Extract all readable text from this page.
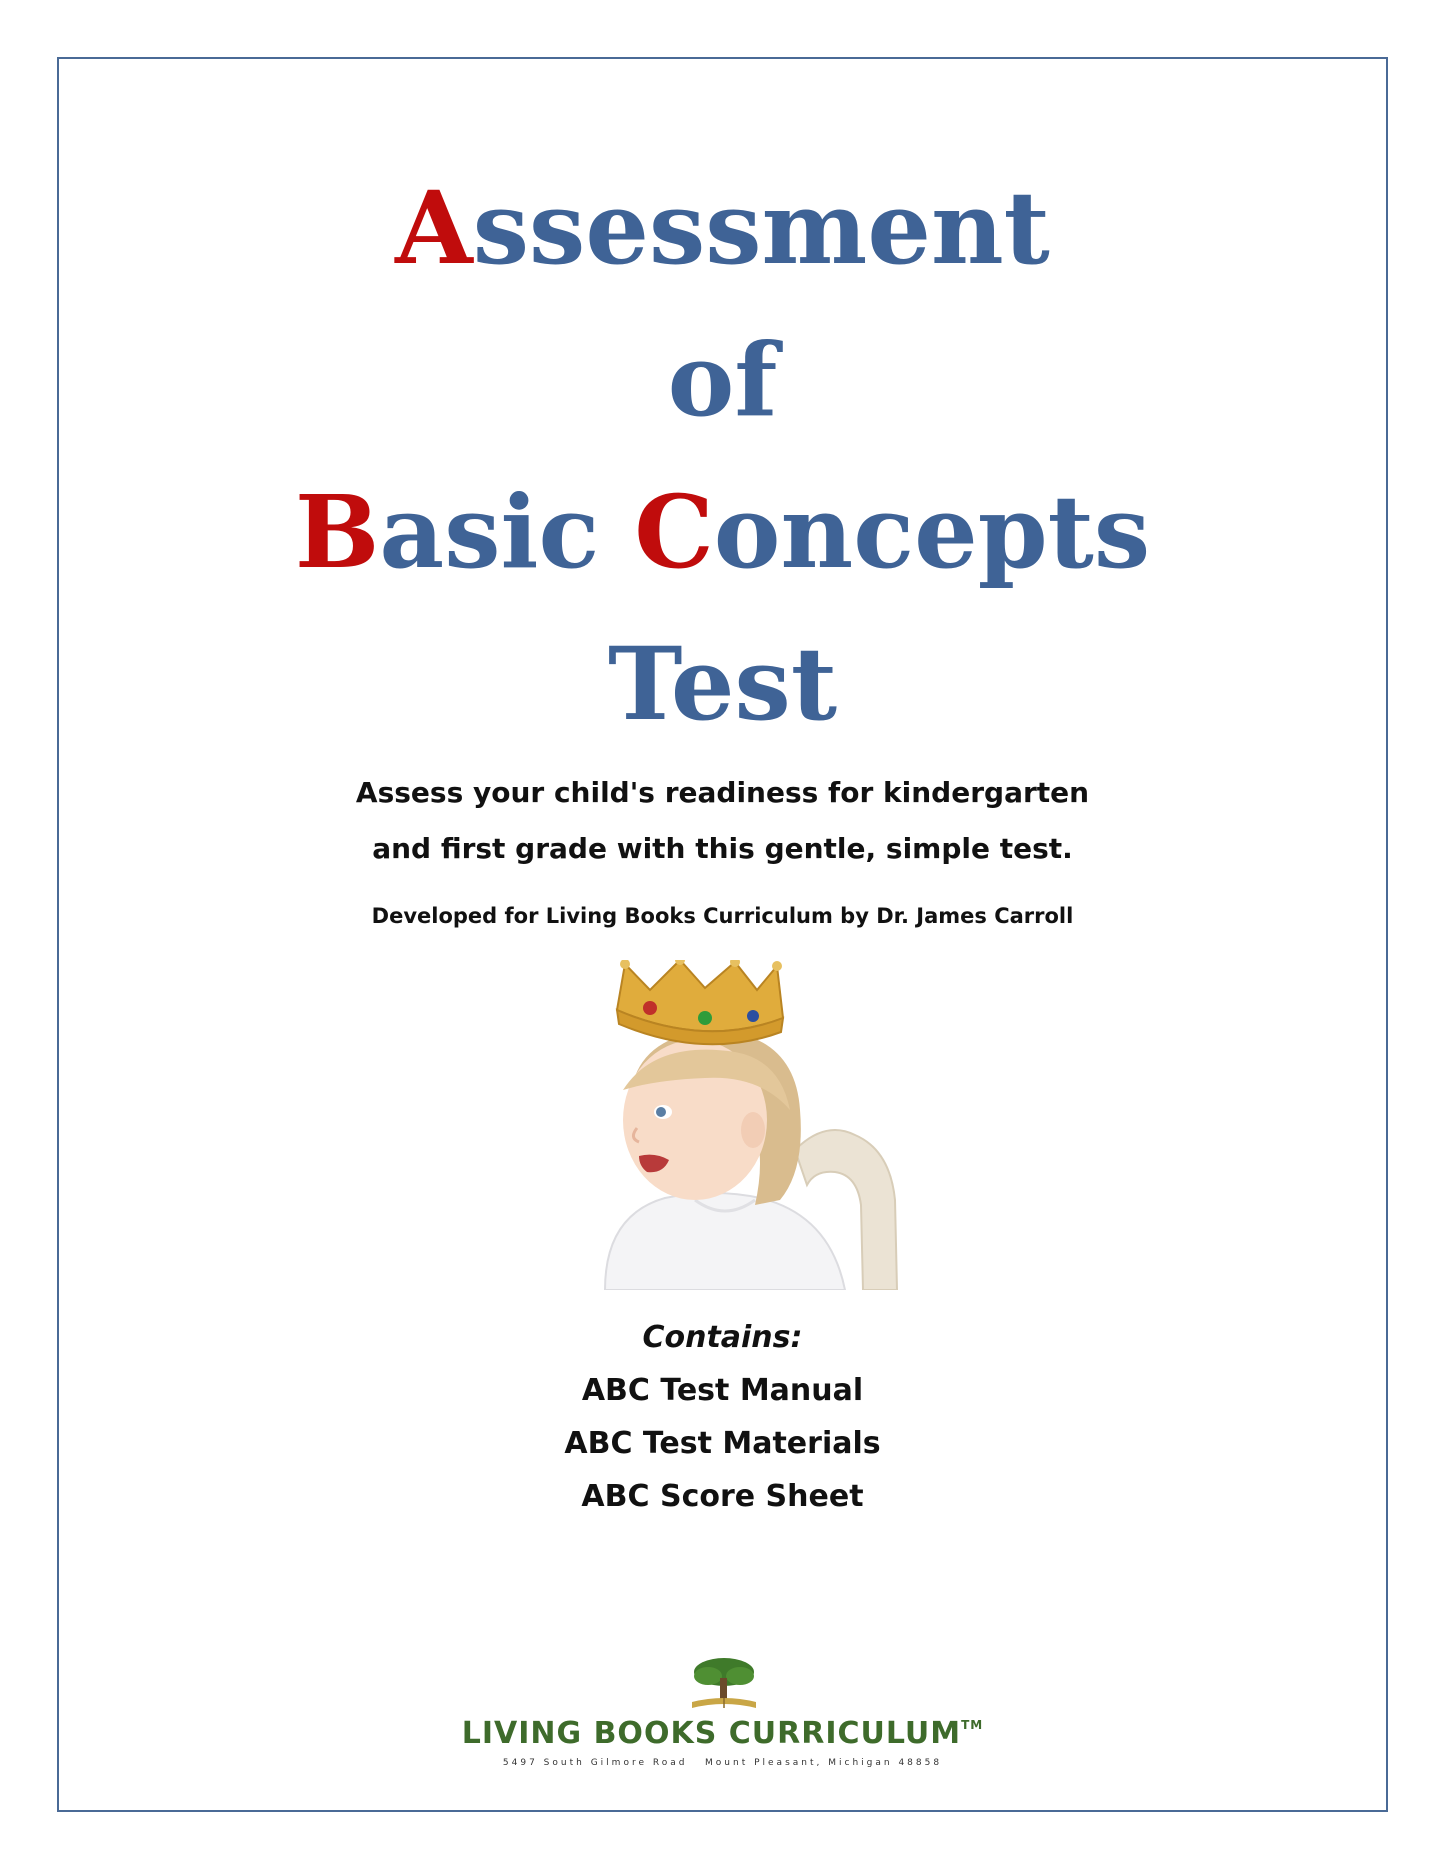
Assessment
of
Basic Concepts
Test
Assess your child's readiness for kindergarten
and first grade with this gentle, simple test.
Developed for Living Books Curriculum by Dr. James Carroll
Contains:
ABC Test Manual
ABC Test Materials
ABC Score Sheet
LIVING BOOKS CURRICULUM™
5497 South Gilmore Road   Mount Pleasant, Michigan 48858
